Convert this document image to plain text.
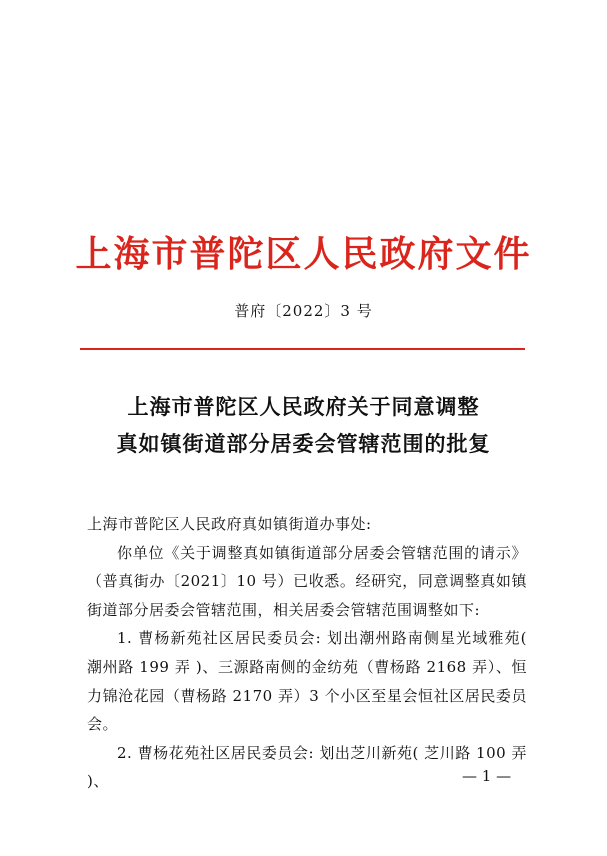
上海市普陀区人民政府文件
普府〔2022〕3 号
上海市普陀区人民政府关于同意调整
真如镇街道部分居委会管辖范围的批复

上海市普陀区人民政府真如镇街道办事处:

你单位《关于调整真如镇街道部分居委会管辖范围的请示》（普真街办〔2021〕10 号）已收悉。经研究，同意调整真如镇街道部分居委会管辖范围，相关居委会管辖范围调整如下:

1. 曹杨新苑社区居民委员会: 划出潮州路南侧星光域雅苑( 潮州路 199 弄 )、三源路南侧的金纺苑（曹杨路 2168 弄）、恒力锦沧花园（曹杨路 2170 弄）3 个小区至星会恒社区居民委员会。

2. 曹杨花苑社区居民委员会: 划出芝川新苑( 芝川路 100 弄 )、	— 1 —
